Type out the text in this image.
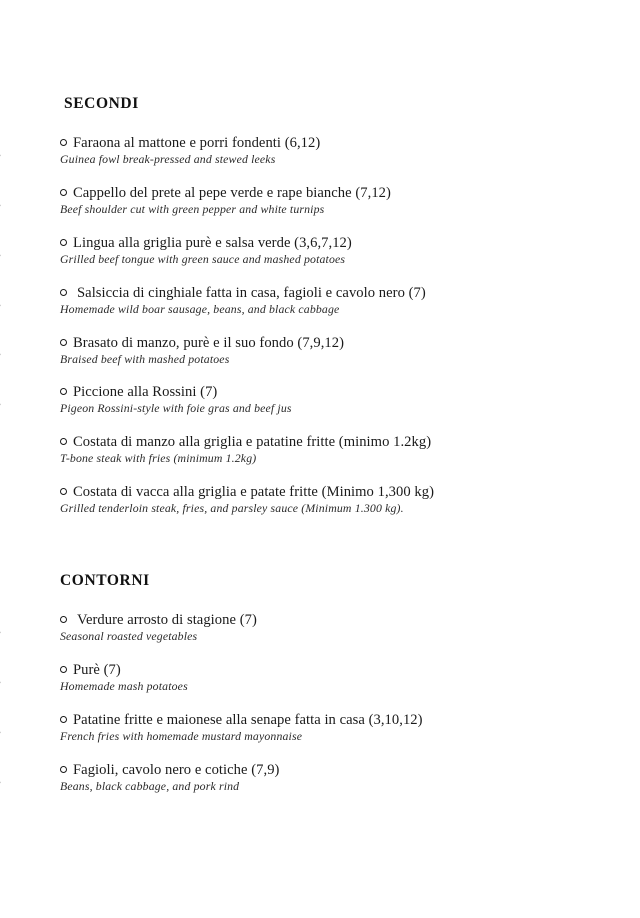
SECONDI
Faraona al mattone e porri fondenti (6,12)
Guinea fowl break-pressed and stewed leeks
Cappello del prete al pepe verde e rape bianche (7,12)
Beef shoulder cut with green pepper and white turnips
Lingua alla griglia purè e salsa verde (3,6,7,12)
Grilled beef tongue with green sauce and mashed potatoes
Salsiccia di cinghiale fatta in casa, fagioli e cavolo nero (7)
Homemade wild boar sausage, beans, and black cabbage
Brasato di manzo, purè e il suo fondo (7,9,12)
Braised beef with mashed potatoes
Piccione alla Rossini (7)
Pigeon Rossini-style with foie gras and beef jus
Costata di manzo alla griglia e patatine fritte (minimo 1.2kg)
T-bone steak with fries (minimum 1.2kg)
Costata di vacca alla griglia e patate fritte (Minimo 1,300 kg)
Grilled tenderloin steak, fries, and parsley sauce (Minimum 1.300 kg).
CONTORNI
Verdure arrosto di stagione (7)
Seasonal roasted vegetables
Purè (7)
Homemade mash potatoes
Patatine fritte e maionese alla senape fatta in casa (3,10,12)
French fries with homemade mustard mayonnaise
Fagioli, cavolo nero e cotiche (7,9)
Beans, black cabbage, and pork rind
